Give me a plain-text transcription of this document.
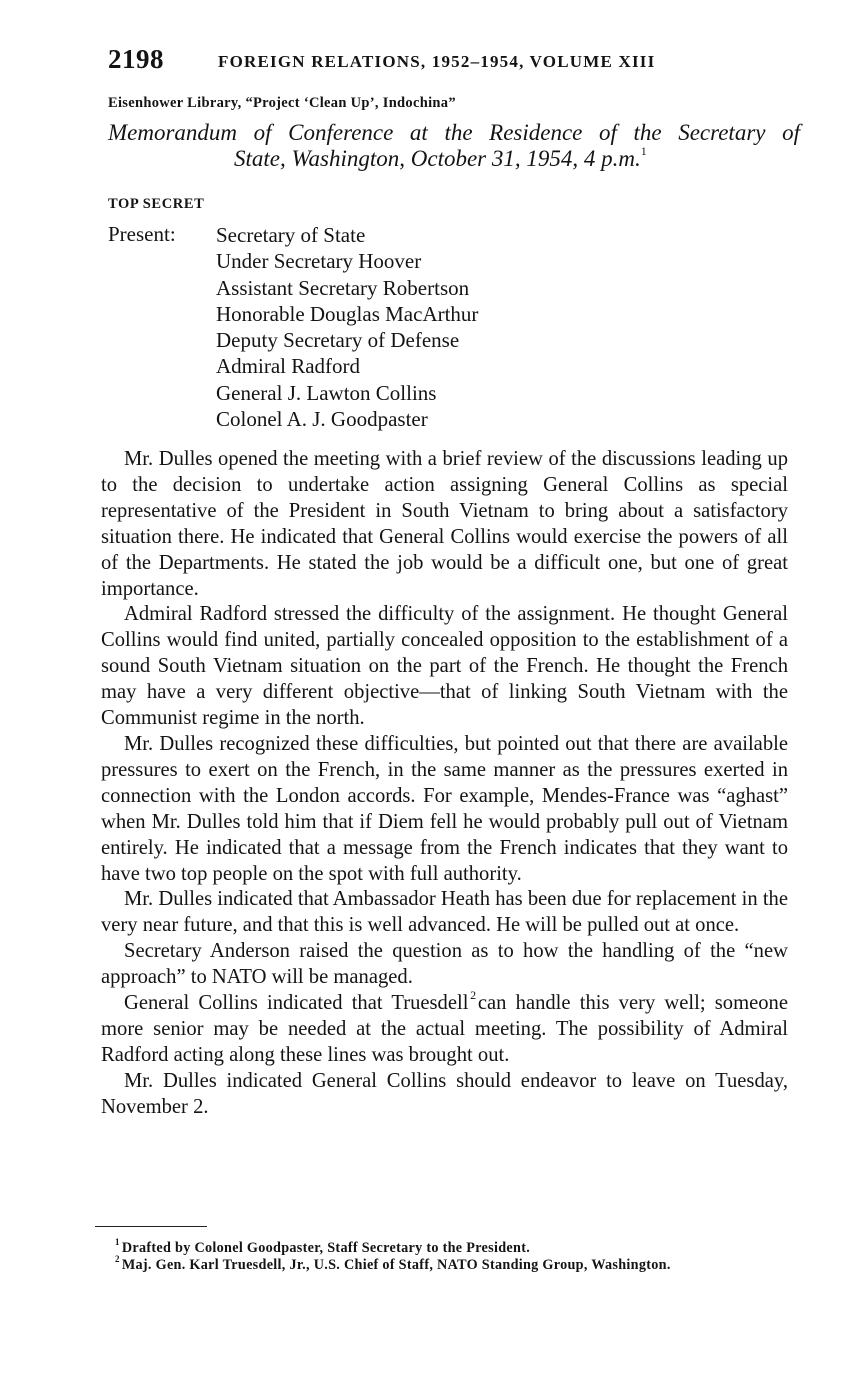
2198	FOREIGN RELATIONS, 1952–1954, VOLUME XIII
Eisenhower Library, “Project ‘Clean Up’, Indochina”
Memorandum of Conference at the Residence of the Secretary of
State, Washington, October 31, 1954, 4 p.m.$^1$
TOP SECRET
Present: Secretary of State
Under Secretary Hoover
Assistant Secretary Robertson
Honorable Douglas MacArthur
Deputy Secretary of Defense
Admiral Radford
General J. Lawton Collins
Colonel A. J. Goodpaster

Mr. Dulles opened the meeting with a brief review of the discussions leading up to the decision to undertake action assigning General Collins as special representative of the President in South Vietnam to bring about a satisfactory situation there. He indicated that General Collins would exercise the powers of all of the Departments. He stated the job would be a difficult one, but one of great importance.

Admiral Radford stressed the difficulty of the assignment. He thought General Collins would find united, partially concealed opposition to the establishment of a sound South Vietnam situation on the part of the French. He thought the French may have a very different objective—that of linking South Vietnam with the Communist regime in the north.

Mr. Dulles recognized these difficulties, but pointed out that there are available pressures to exert on the French, in the same manner as the pressures exerted in connection with the London accords. For example, Mendes-France was “aghast” when Mr. Dulles told him that if Diem fell he would probably pull out of Vietnam entirely. He indicated that a message from the French indicates that they want to have two top people on the spot with full authority.

Mr. Dulles indicated that Ambassador Heath has been due for replacement in the very near future, and that this is well advanced. He will be pulled out at once.

Secretary Anderson raised the question as to how the handling of the “new approach” to NATO will be managed.

General Collins indicated that Truesdell  $^2$ can handle this very well; someone more senior may be needed at the actual meeting. The possibility of Admiral Radford acting along these lines was brought out.

Mr. Dulles indicated General Collins should endeavor to leave on Tuesday, November 2.

$^1$ Drafted by Colonel Goodpaster, Staff Secretary to the President.

$^2$ Maj. Gen. Karl Truesdell, Jr., U.S. Chief of Staff, NATO Standing Group, Washington.
